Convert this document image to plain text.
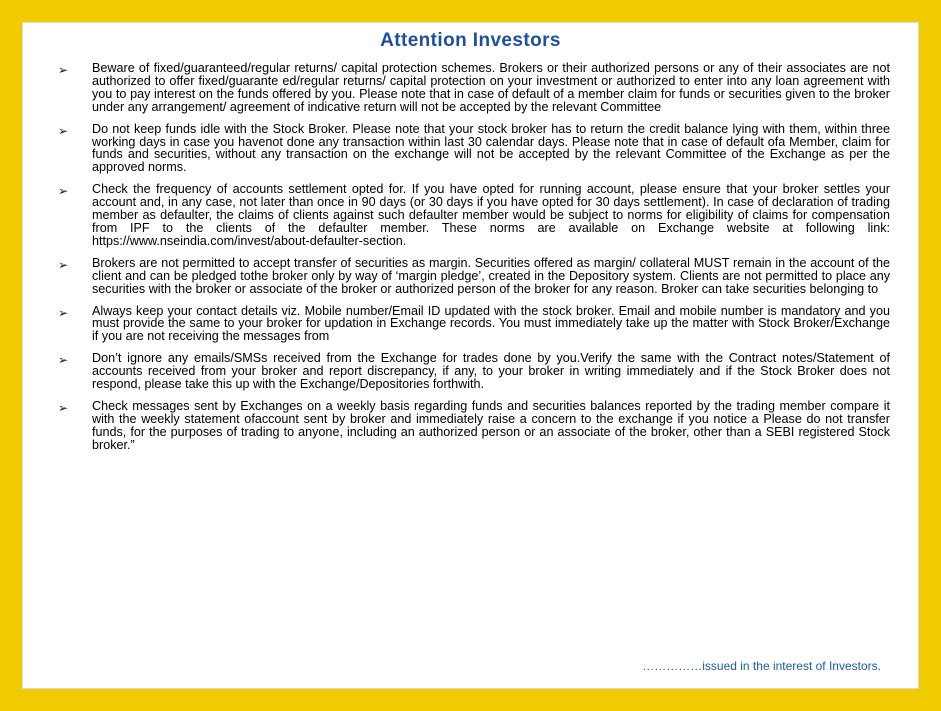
Attention Investors
➢ Beware of fixed/guaranteed/regular returns/ capital protection schemes. Brokers or their authorized persons or any of their associates are not authorized to offer fixed/guarante ed/regular returns/ capital protection on your investment or authorized to enter into any loan agreement with you to pay interest on the funds offered by you. Please note that in case of default of a member claim for funds or securities given to the broker under any arrangement/ agreement of indicative return will not be accepted by the relevant Committee
➢ Do not keep funds idle with the Stock Broker. Please note that your stock broker has to return the credit balance lying with them, within three working days in case you havenot done any transaction within last 30 calendar days. Please note that in case of default ofa Member, claim for funds and securities, without any transaction on the exchange will not be accepted by the relevant Committee of the Exchange as per the approved norms.
➢ Check the frequency of accounts settlement opted for. If you have opted for running account, please ensure that your broker settles your account and, in any case, not later than once in 90 days (or 30 days if you have opted for 30 days settlement). In case of declaration of trading member as defaulter, the claims of clients against such defaulter member would be subject to norms for eligibility of claims for compensation from IPF to the clients of the defaulter member. These norms are available on Exchange website at following link: https://www.nseindia.com/invest/about-defaulter-section.
➢ Brokers are not permitted to accept transfer of securities as margin. Securities offered as margin/ collateral MUST remain in the account of the client and can be pledged tothe broker only by way of ‘margin pledge’, created in the Depository system. Clients are not permitted to place any securities with the broker or associate of the broker or authorized person of the broker for any reason. Broker can take securities belonging to
➢ Always keep your contact details viz. Mobile number/Email ID updated with the stock broker. Email and mobile number is mandatory and you must provide the same to your broker for updation in Exchange records. You must immediately take up the matter with Stock Broker/Exchange if you are not receiving the messages from
➢ Don’t ignore any emails/SMSs received from the Exchange for trades done by you.Verify the same with the Contract notes/Statement of accounts received from your broker and report discrepancy, if any, to your broker in writing immediately and if the Stock Broker does not respond, please take this up with the Exchange/Depositories forthwith.
➢ Check messages sent by Exchanges on a weekly basis regarding funds and securities balances reported by the trading member compare it with the weekly statement ofaccount sent by broker and immediately raise a concern to the exchange if you notice a Please do not transfer funds, for the purposes of trading to anyone, including an authorized person or an associate of the broker, other than a SEBI registered Stock broker.”
……………issued in the interest of Investors.
